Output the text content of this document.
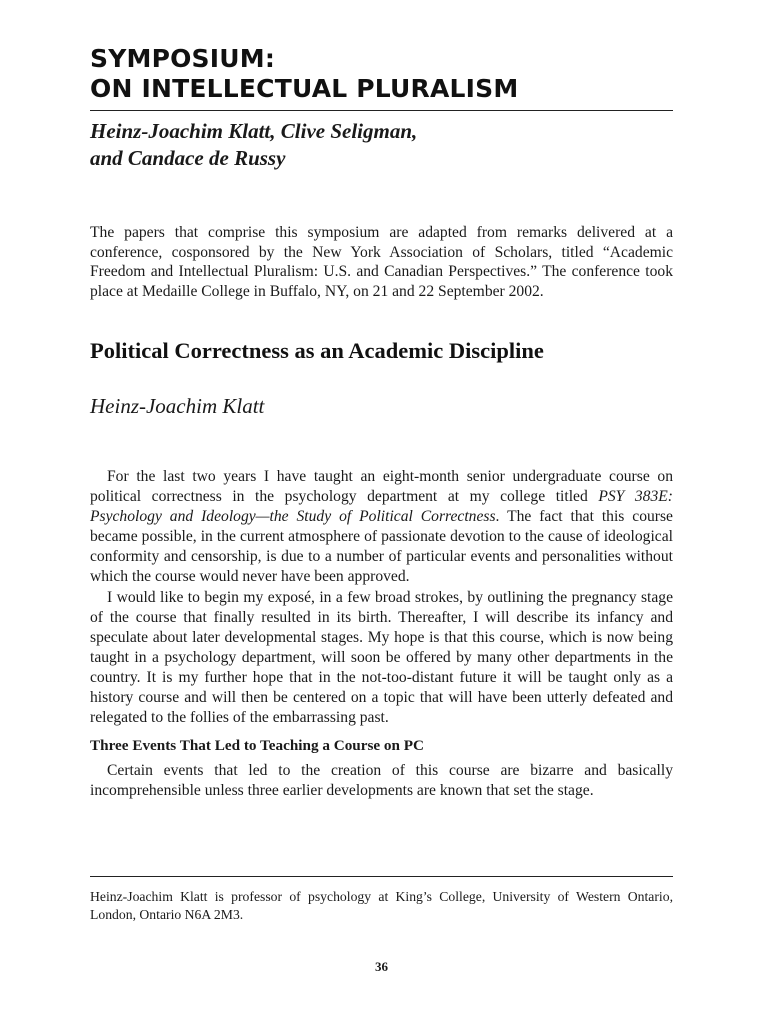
SYMPOSIUM:
ON INTELLECTUAL PLURALISM
Heinz-Joachim Klatt, Clive Seligman,
and Candace de Russy

The papers that comprise this symposium are adapted from remarks delivered at a conference, cosponsored by the New York Association of Scholars, titled “Academic Freedom and Intellectual Pluralism: U.S. and Canadian Perspectives.” The conference took place at Medaille College in Buffalo, NY, on 21 and 22 September 2002.

Political Correctness as an Academic Discipline
Heinz-Joachim Klatt

For the last two years I have taught an eight-month senior undergraduate course on political correctness in the psychology department at my college titled PSY 383E: Psychology and Ideology—the Study of Political Correctness. The fact that this course became possible, in the current atmosphere of passionate devotion to the cause of ideological conformity and censorship, is due to a number of particular events and personalities without which the course would never have been approved.

I would like to begin my exposé, in a few broad strokes, by outlining the pregnancy stage of the course that finally resulted in its birth. Thereafter, I will describe its infancy and speculate about later developmental stages. My hope is that this course, which is now being taught in a psychology department, will soon be offered by many other departments in the country. It is my further hope that in the not-too-distant future it will be taught only as a history course and will then be centered on a topic that will have been utterly defeated and relegated to the follies of the embarrassing past.

Three Events That Led to Teaching a Course on PC

Certain events that led to the creation of this course are bizarre and basically incomprehensible unless three earlier developments are known that set the stage.

Heinz-Joachim Klatt is professor of psychology at King’s College, University of Western Ontario, London, Ontario N6A 2M3.

36
